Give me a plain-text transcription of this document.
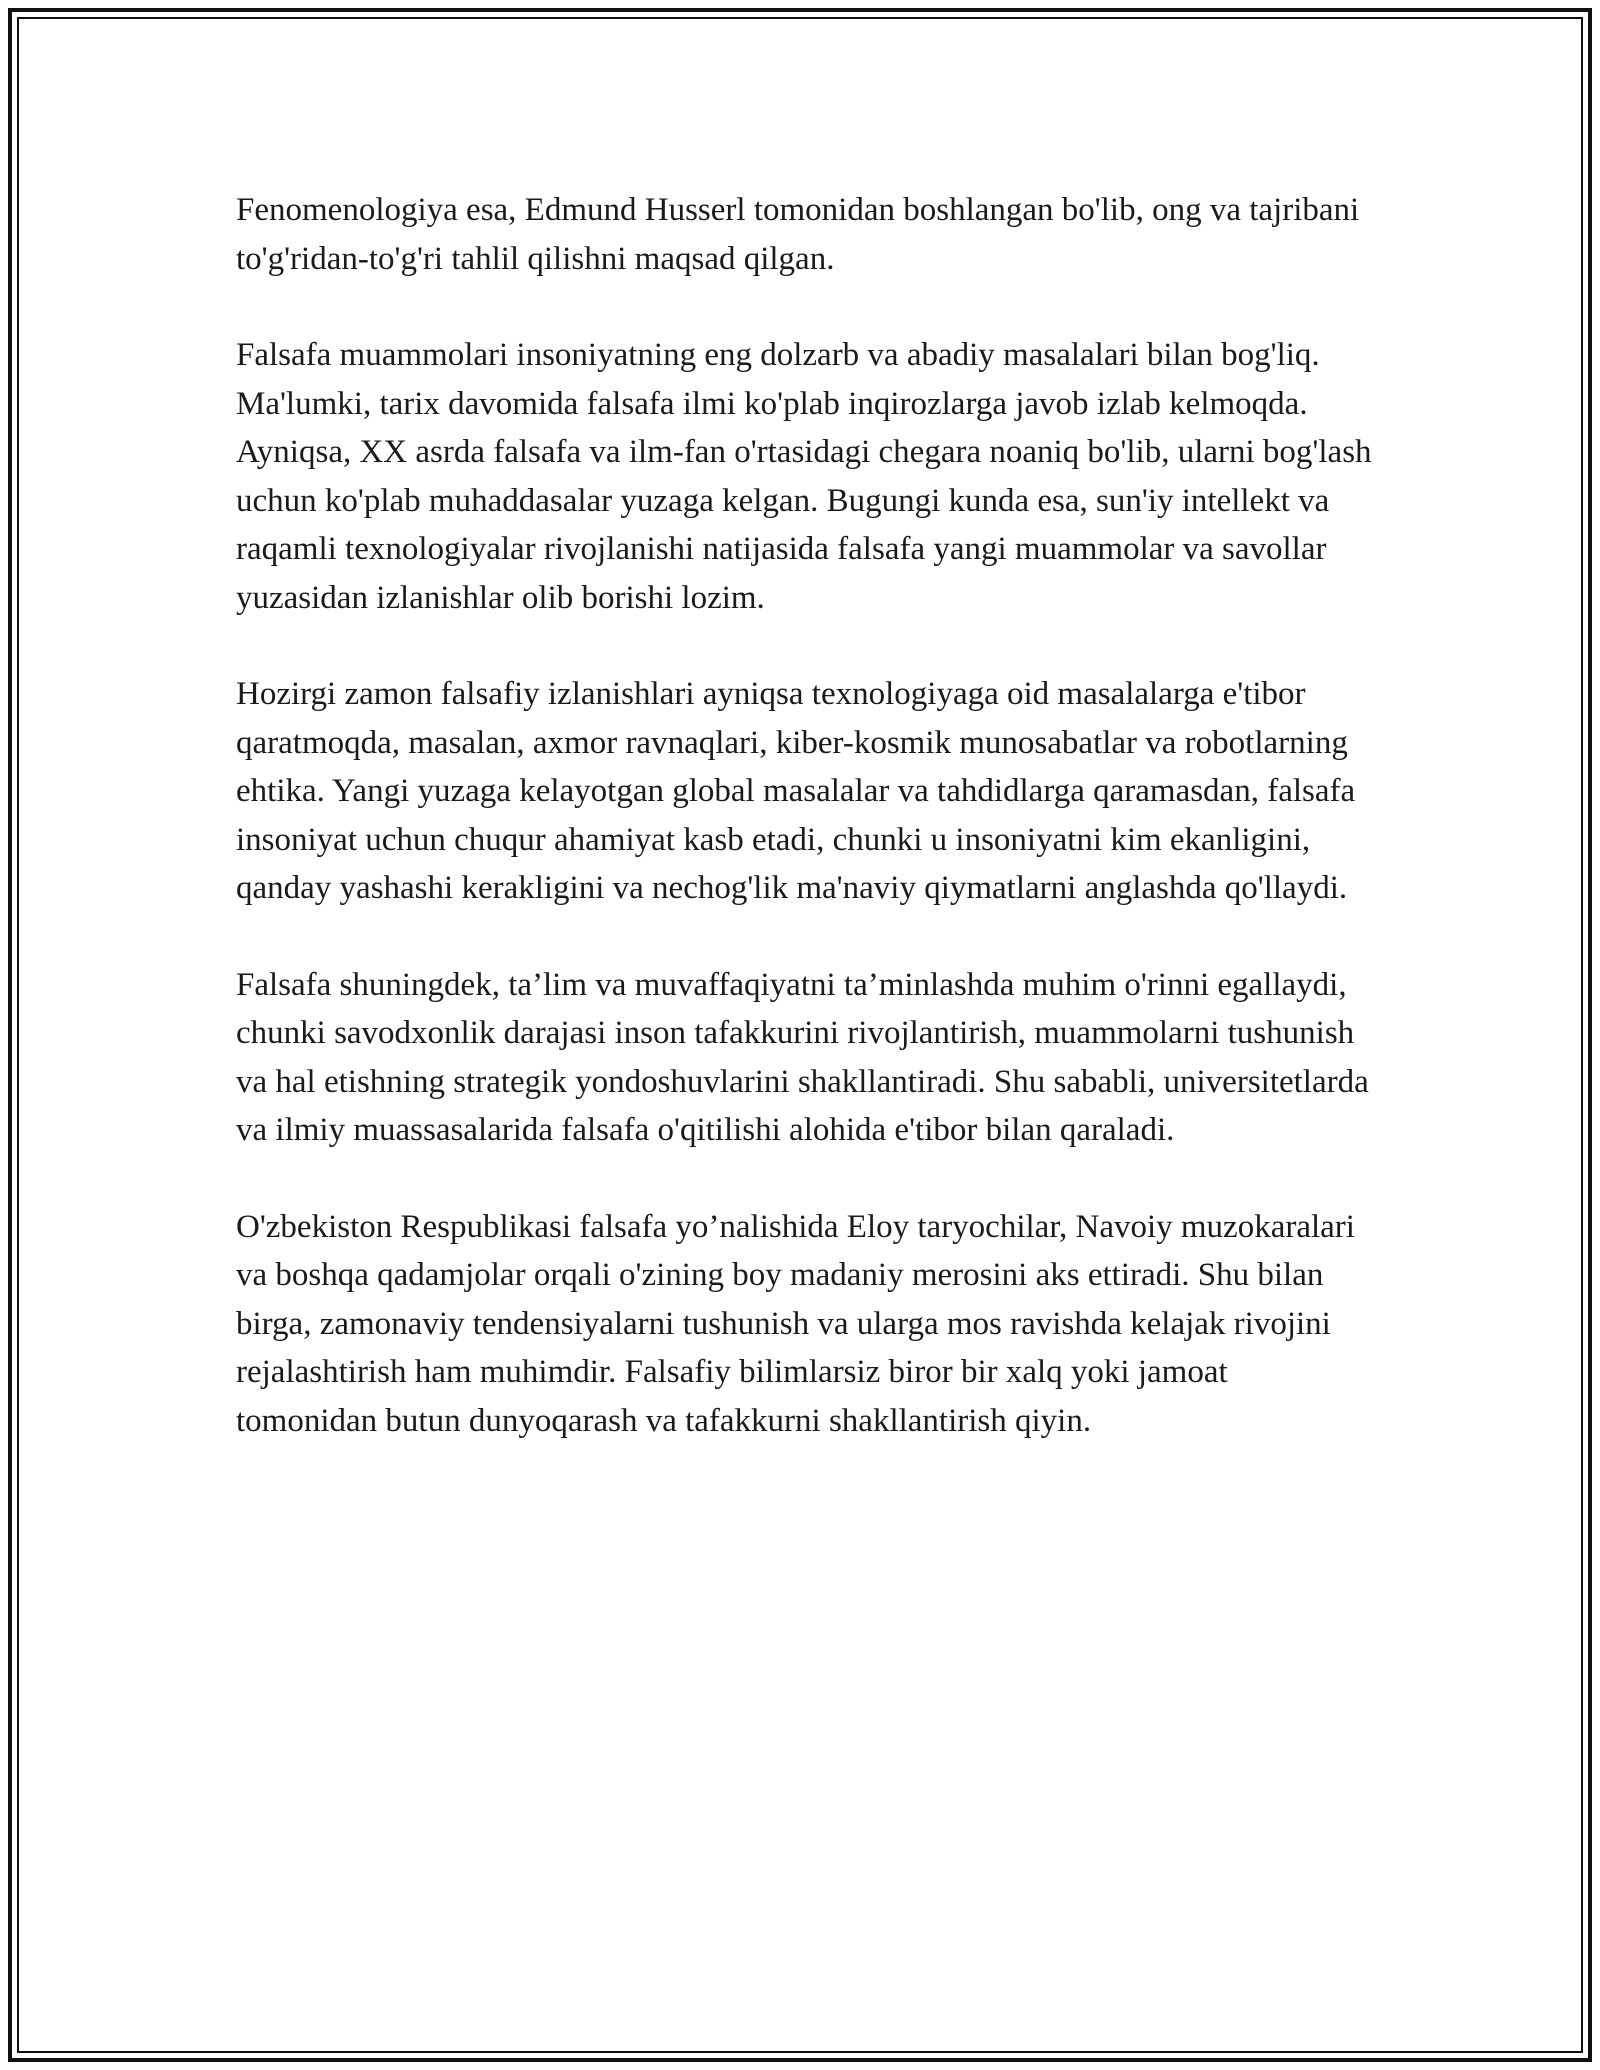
Fenomenologiya esa, Edmund Husserl tomonidan boshlangan bo'lib, ong va tajribani to'g'ridan-to'g'ri tahlil qilishni maqsad qilgan.

Falsafa muammolari insoniyatning eng dolzarb va abadiy masalalari bilan bog'liq. Ma'lumki, tarix davomida falsafa ilmi ko'plab inqirozlarga javob izlab kelmoqda. Ayniqsa, XX asrda falsafa va ilm-fan o'rtasidagi chegara noaniq bo'lib, ularni bog'lash uchun ko'plab muhaddasalar yuzaga kelgan. Bugungi kunda esa, sun'iy intellekt va raqamli texnologiyalar rivojlanishi natijasida falsafa yangi muammolar va savollar yuzasidan izlanishlar olib borishi lozim.

Hozirgi zamon falsafiy izlanishlari ayniqsa texnologiyaga oid masalalarga e'tibor qaratmoqda, masalan, axmor ravnaqlari, kiber-kosmik munosabatlar va robotlarning ehtika. Yangi yuzaga kelayotgan global masalalar va tahdidlarga qaramasdan, falsafa insoniyat uchun chuqur ahamiyat kasb etadi, chunki u insoniyatni kim ekanligini, qanday yashashi kerakligini va nechog'lik ma'naviy qiymatlarni anglashda qo'llaydi.

Falsafa shuningdek, ta’lim va muvaffaqiyatni ta’minlashda muhim o'rinni egallaydi, chunki savodxonlik darajasi inson tafakkurini rivojlantirish, muammolarni tushunish va hal etishning strategik yondoshuvlarini shakllantiradi. Shu sababli, universitetlarda va ilmiy muassasalarida falsafa o'qitilishi alohida e'tibor bilan qaraladi.

O'zbekiston Respublikasi falsafa yo’nalishida Eloy taryochilar, Navoiy muzokaralari va boshqa qadamjolar orqali o'zining boy madaniy merosini aks ettiradi. Shu bilan birga, zamonaviy tendensiyalarni tushunish va ularga mos ravishda kelajak rivojini rejalashtirish ham muhimdir. Falsafiy bilimlarsiz biror bir xalq yoki jamoat tomonidan butun dunyoqarash va tafakkurni shakllantirish qiyin.
